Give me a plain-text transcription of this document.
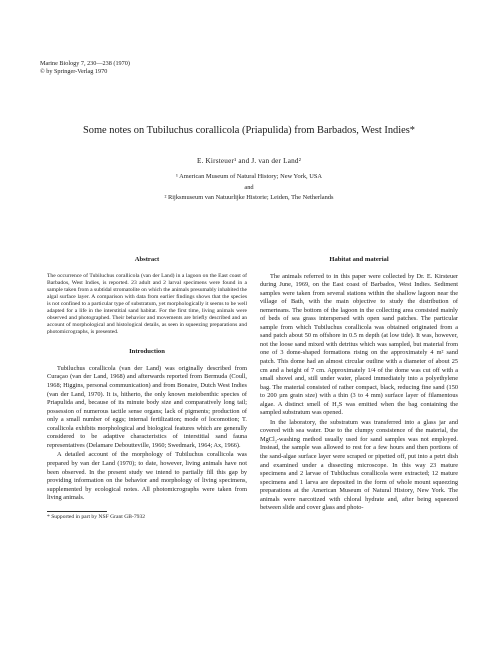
Marine Biology 7, 230—238 (1970)
© by Springer-Verlag 1970
Some notes on Tubiluchus corallicola (Priapulida) from Barbados, West Indies*
E. Kirsteuer¹ and J. van der Land²
¹ American Museum of Natural History; New York, USA
and
² Rijksmuseum van Natuurlijke Historie; Leiden, The Netherlands
Abstract
The occurrence of Tubiluchus corallicola (van der Land) in a lagoon on the East coast of Barbados, West Indies, is reported. 23 adult and 2 larval specimens were found in a sample taken from a subtidal stromatolite on which the animals presumably inhabited the algal surface layer. A comparison with data from earlier findings shows that the species is not confined to a particular type of substratum, yet morphologically it seems to be well adapted for a life in the interstitial sand habitat. For the first time, living animals were observed and photographed. Their behavior and movements are briefly described and an account of morphological and histological details, as seen in squeezing preparations and photomicrographs, is presented.
Introduction
Tubiluchus corallicola (van der Land) was originally described from Curaçao (van der Land, 1968) and afterwards reported from Bermuda (Coull, 1968; Higgins, personal communication) and from Bonaire, Dutch West Indies (van der Land, 1970). It is, hitherto, the only known meiobenthic species of Priapulida and, because of its minute body size and comparatively long tail; possession of numerous tactile sense organs; lack of pigments; production of only a small number of eggs; internal fertilization; mode of locomotion; T. corallicola exhibits morphological and biological features which are generally considered to be adaptive characteristics of interstitial sand fauna representatives (Delamare Deboutteville, 1960; Swedmark, 1964; Ax, 1966).
A detailed account of the morphology of Tubiluchus corallicola was prepared by van der Land (1970); to date, however, living animals have not been observed. In the present study we intend to partially fill this gap by providing information on the behavior and morphology of living specimens, supplemented by ecological notes. All photomicrographs were taken from living animals.
* Supported in part by NSF Grant GB-7932
Habitat and material
The animals referred to in this paper were collected by Dr. E. Kirsteuer during June, 1969, on the East coast of Barbados, West Indies. Sediment samples were taken from several stations within the shallow lagoon near the village of Bath, with the main objective to study the distribution of nemerteans. The bottom of the lagoon in the collecting area consisted mainly of beds of sea grass interspersed with open sand patches. The particular sample from which Tubiluchus corallicola was obtained originated from a sand patch about 50 m offshore in 0.5 m depth (at low tide). It was, however, not the loose sand mixed with detritus which was sampled, but material from one of 3 dome-shaped formations rising on the approximately 4 m² sand patch. This dome had an almost circular outline with a diameter of about 25 cm and a height of 7 cm. Approximately 1/4 of the dome was cut off with a small shovel and, still under water, placed immediately into a polyethylene bag. The material consisted of rather compact, black, reducing fine sand (150 to 200 µm grain size) with a thin (3 to 4 mm) surface layer of filamentous algae. A distinct smell of H₂S was emitted when the bag containing the sampled substratum was opened.
In the laboratory, the substratum was transferred into a glass jar and covered with sea water. Due to the clumpy consistence of the material, the MgCl₂-washing method usually used for sand samples was not employed. Instead, the sample was allowed to rest for a few hours and then portions of the sand-algae surface layer were scraped or pipetted off, put into a petri dish and examined under a dissecting microscope. In this way 23 mature specimens and 2 larvae of Tubiluchus corallicola were extracted; 12 mature specimens and 1 larva are deposited in the form of whole mount squeezing preparations at the American Museum of Natural History, New York. The animals were narcotized with chloral hydrate and, after being squeezed between slide and cover glass and photo-
